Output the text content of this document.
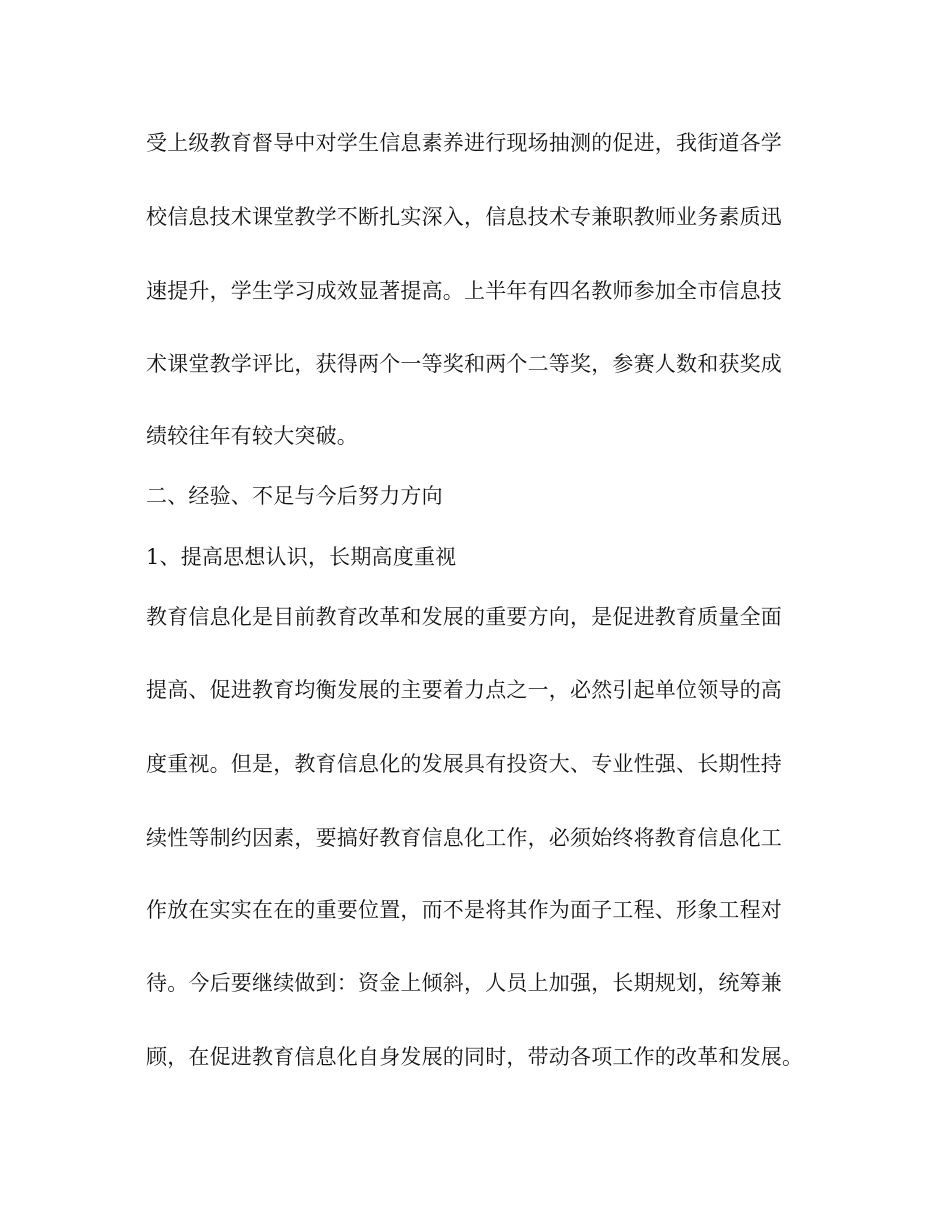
受上级教育督导中对学生信息素养进行现场抽测的促进，我街道各学
校信息技术课堂教学不断扎实深入，信息技术专兼职教师业务素质迅
速提升，学生学习成效显著提高。上半年有四名教师参加全市信息技
术课堂教学评比，获得两个一等奖和两个二等奖，参赛人数和获奖成
绩较往年有较大突破。
二、经验、不足与今后努力方向
1、提高思想认识，长期高度重视
教育信息化是目前教育改革和发展的重要方向，是促进教育质量全面
提高、促进教育均衡发展的主要着力点之一，必然引起单位领导的高
度重视。但是，教育信息化的发展具有投资大、专业性强、长期性持
续性等制约因素，要搞好教育信息化工作，必须始终将教育信息化工
作放在实实在在的重要位置，而不是将其作为面子工程、形象工程对
待。今后要继续做到：资金上倾斜，人员上加强，长期规划，统筹兼
顾，在促进教育信息化自身发展的同时，带动各项工作的改革和发展。
